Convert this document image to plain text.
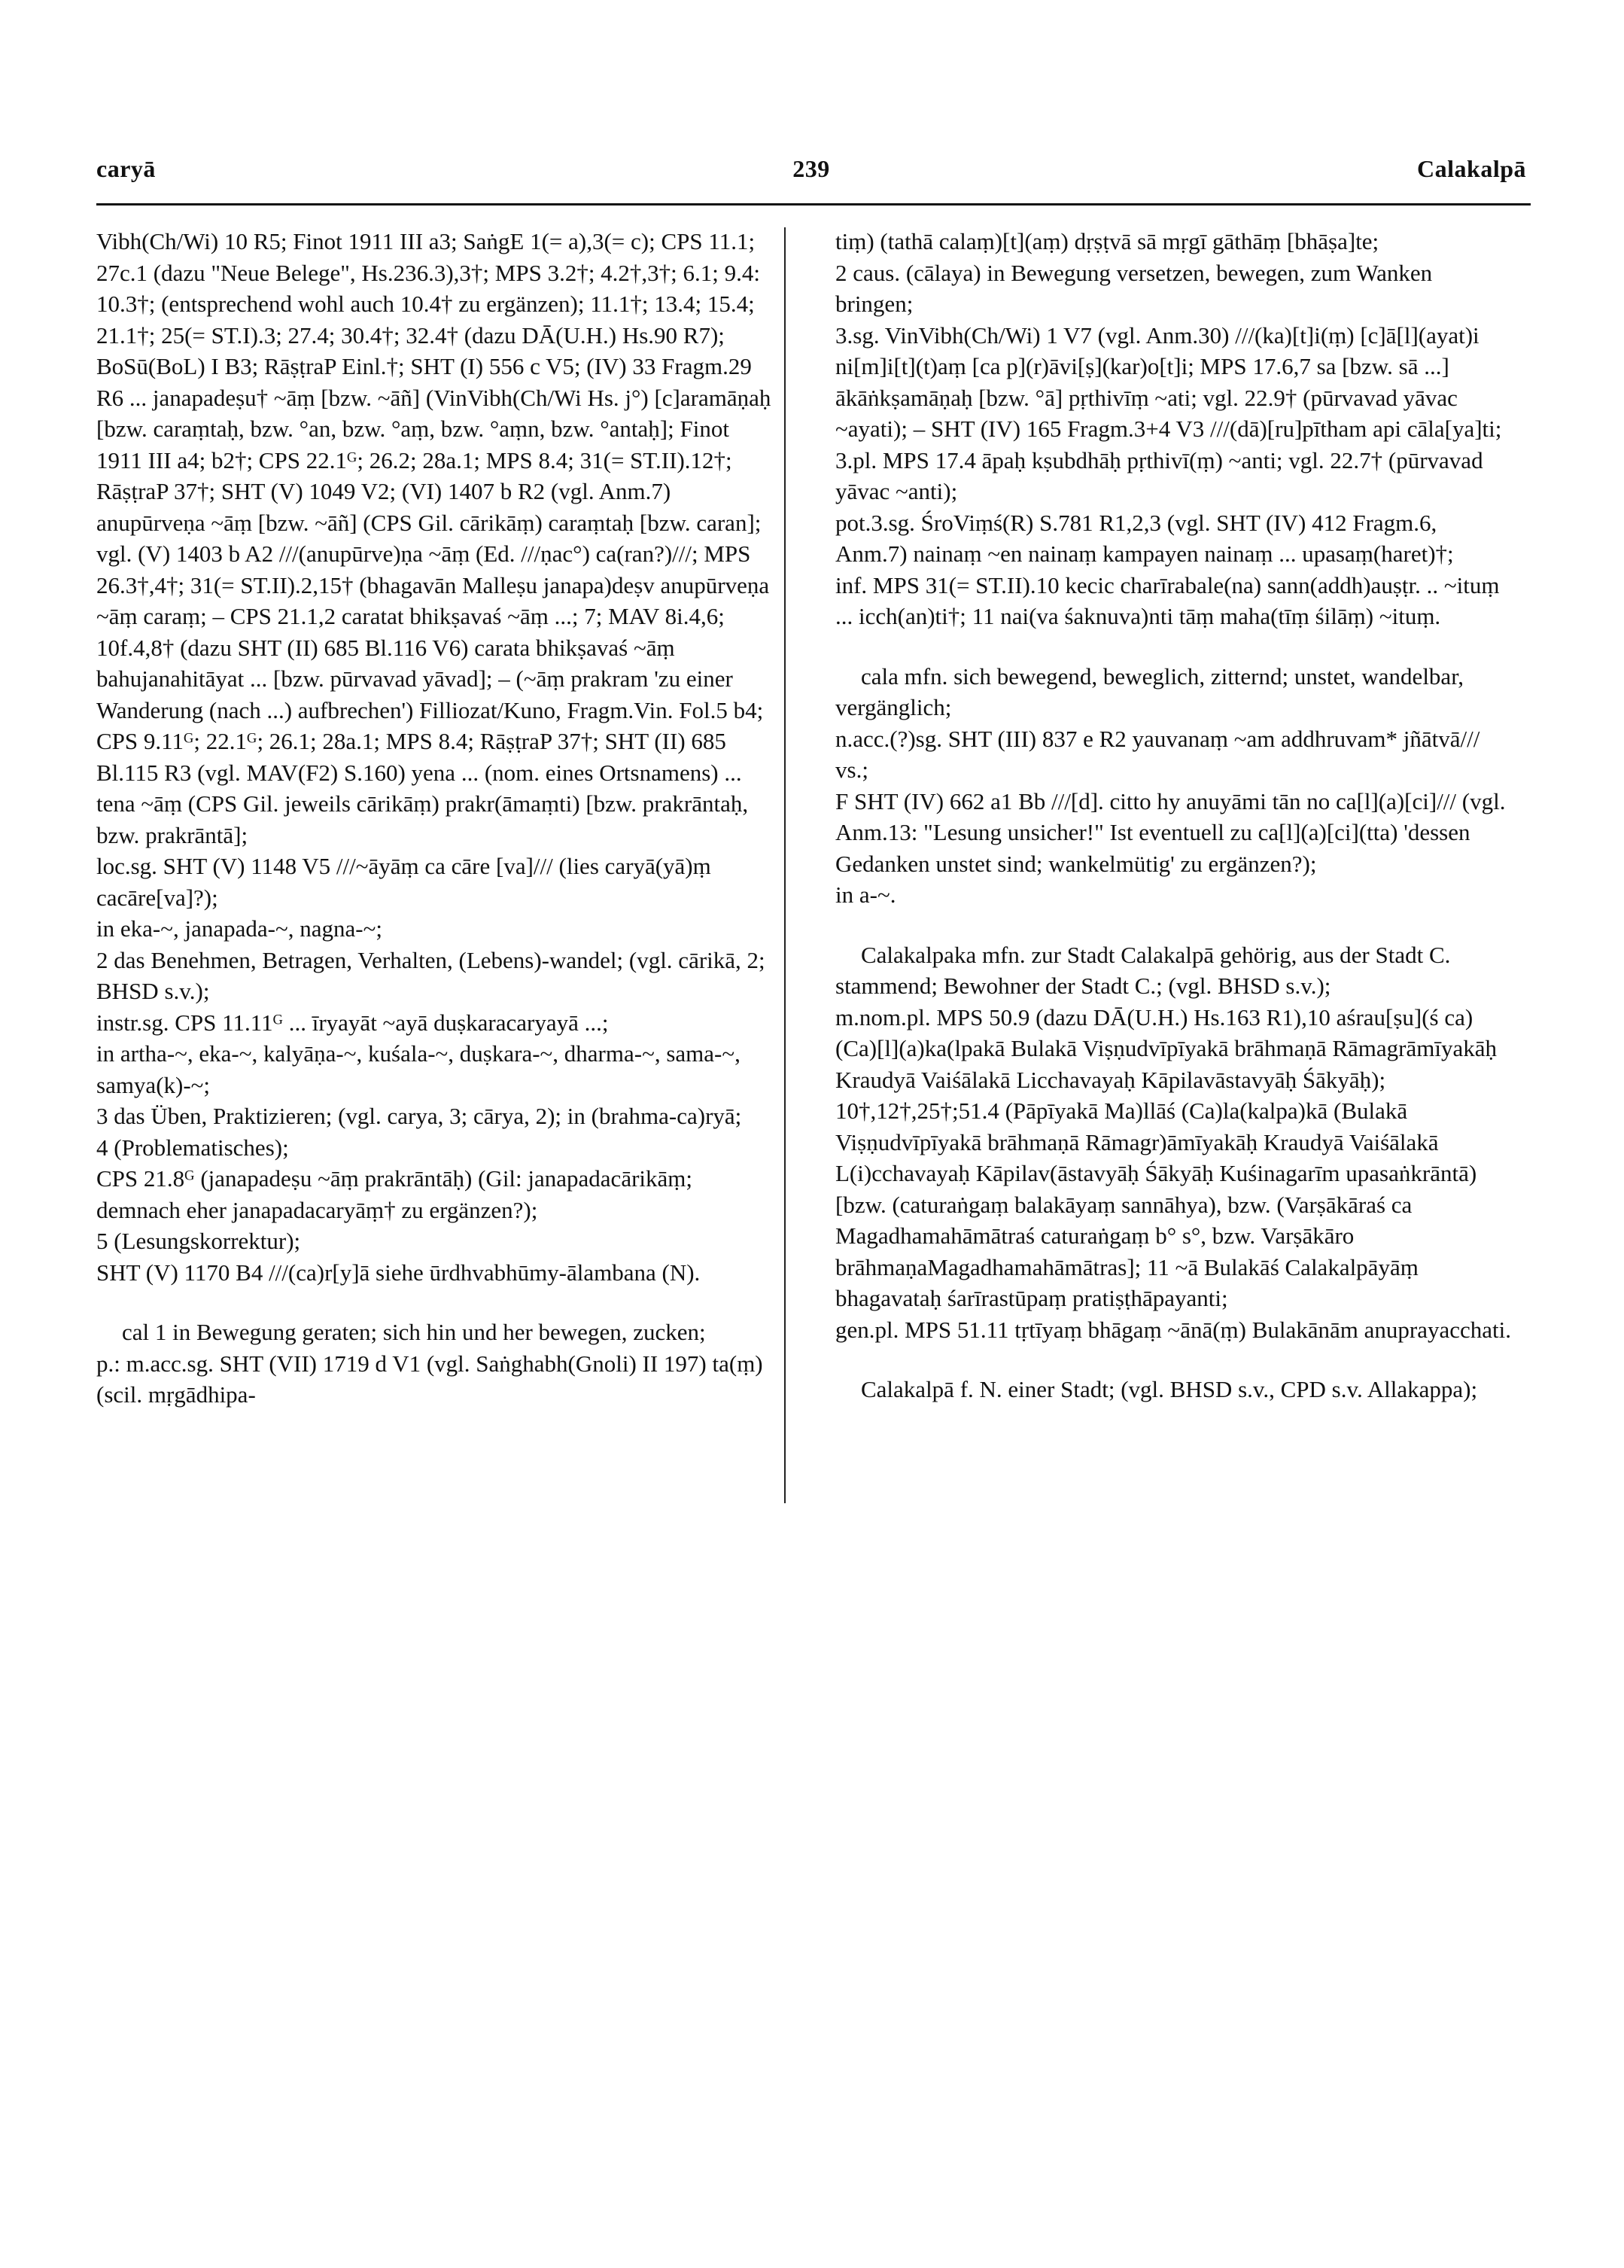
caryā	239	Calakalpā

Vibh(Ch/Wi) 10 R5; Finot 1911 III a3; SaṅgE 1(= a),3(= c); CPS 11.1; 27c.1 (dazu "Neue Belege", Hs.236.3),3†; MPS 3.2†; 4.2†,3†; 6.1; 9.4: 10.3†; (entsprechend wohl auch 10.4† zu ergänzen); 11.1†; 13.4; 15.4; 21.1†; 25(= ST.I).3; 27.4; 30.4†; 32.4† (dazu DĀ(U.H.) Hs.90 R7); BoSū(BoL) I B3; RāṣṭraP Einl.†; SHT (I) 556 c V5; (IV) 33 Fragm.29 R6 ... janapadeṣu† ~āṃ [bzw. ~āñ] (VinVibh(Ch/Wi Hs. j°) [c]aramāṇaḥ [bzw. caraṃtaḥ, bzw. °an, bzw. °aṃ, bzw. °aṃn, bzw. °antaḥ]; Finot 1911 III a4; b2†; CPS 22.1ᴳ; 26.2; 28a.1; MPS 8.4; 31(= ST.II).12†; RāṣṭraP 37†; SHT (V) 1049 V2; (VI) 1407 b R2 (vgl. Anm.7) anupūrveṇa ~āṃ [bzw. ~āñ] (CPS Gil. cārikāṃ) caraṃtaḥ [bzw. caran]; vgl. (V) 1403 b A2 ///(anupūrve)ṇa ~āṃ (Ed. ///ṇac°) ca(ran?)///; MPS 26.3†,4†; 31(= ST.II).2,15† (bhagavān Malleṣu janapa)deṣv anupūrveṇa ~āṃ caraṃ; – CPS 21.1,2 caratat bhikṣavaś ~āṃ ...; 7; MAV 8i.4,6; 10f.4,8† (dazu SHT (II) 685 Bl.116 V6) carata bhikṣavaś ~āṃ bahujanahitāyat ... [bzw. pūrvavad yāvad]; – (~āṃ prakram 'zu einer Wanderung (nach ...) aufbrechen') Filliozat/Kuno, Fragm.Vin. Fol.5 b4; CPS 9.11ᴳ; 22.1ᴳ; 26.1; 28a.1; MPS 8.4; RāṣṭraP 37†; SHT (II) 685 Bl.115 R3 (vgl. MAV(F2) S.160) yena ... (nom. eines Ortsnamens) ... tena ~āṃ (CPS Gil. jeweils cārikāṃ) prakr(āmaṃti) [bzw. prakrāntaḥ, bzw. prakrāntā];

loc.sg. SHT (V) 1148 V5 ///~āyāṃ ca cāre [va]/// (lies caryā(yā)ṃ cacāre[va]?);

in eka-~, janapada-~, nagna-~;

2 das Benehmen, Betragen, Verhalten, (Lebens)-wandel; (vgl. cārikā, 2; BHSD s.v.);

instr.sg. CPS 11.11ᴳ ... īryayāt ~ayā duṣkaracaryayā ...;

in artha-~, eka-~, kalyāṇa-~, kuśala-~, duṣkara-~, dharma-~, sama-~, samya(k)-~;

3 das Üben, Praktizieren; (vgl. carya, 3; cārya, 2); in (brahma-ca)ryā;

4 (Problematisches);

CPS 21.8ᴳ (janapadeṣu ~āṃ prakrāntāḥ) (Gil: janapadacārikāṃ; demnach eher janapadacaryāṃ† zu ergänzen?);

5 (Lesungskorrektur);

SHT (V) 1170 B4 ///(ca)r[y]ā siehe ūrdhvabhūmy-ālambana (N).

cal 1 in Bewegung geraten; sich hin und her bewegen, zucken;

p.: m.acc.sg. SHT (VII) 1719 d V1 (vgl. Saṅghabh(Gnoli) II 197) ta(ṃ) (scil. mṛgādhipa-

tiṃ) (tathā calaṃ)[t](aṃ) dṛṣṭvā sā mṛgī gāthāṃ [bhāṣa]te;

2 caus. (cālaya) in Bewegung versetzen, bewegen, zum Wanken bringen;

3.sg. VinVibh(Ch/Wi) 1 V7 (vgl. Anm.30) ///(ka)[t]i(ṃ) [c]ā[l](ayat)i ni[m]i[t](t)aṃ [ca p](r)āvi[ṣ](kar)o[t]i; MPS 17.6,7 sa [bzw. sā ...] ākāṅkṣamāṇaḥ [bzw. °ā] pṛthivīṃ ~ati; vgl. 22.9† (pūrvavad yāvac ~ayati); – SHT (IV) 165 Fragm.3+4 V3 ///(dā)[ru]pītham api cāla[ya]ti;

3.pl. MPS 17.4 āpaḥ kṣubdhāḥ pṛthivī(ṃ) ~anti; vgl. 22.7† (pūrvavad yāvac ~anti);

pot.3.sg. ŚroViṃś(R) S.781 R1,2,3 (vgl. SHT (IV) 412 Fragm.6, Anm.7) nainaṃ ~en nainaṃ kampayen nainaṃ ... upasaṃ(haret)†;

inf. MPS 31(= ST.II).10 kecic charīrabale(na) sann(addh)auṣṭr. .. ~ituṃ ... icch(an)ti†; 11 nai(va śaknuva)nti tāṃ maha(tīṃ śilāṃ) ~ituṃ.

cala mfn. sich bewegend, beweglich, zitternd; unstet, wandelbar, vergänglich;

n.acc.(?)sg. SHT (III) 837 e R2 yauvanaṃ ~am addhruvam* jñātvā/// vs.;

F SHT (IV) 662 a1 Bb ///[d]. citto hy anuyāmi tān no ca[l](a)[ci]/// (vgl. Anm.13: "Lesung unsicher!" Ist eventuell zu ca[l](a)[ci](tta) 'dessen Gedanken unstet sind; wankelmütig' zu ergänzen?);

in a-~.

Calakalpaka mfn. zur Stadt Calakalpā gehörig, aus der Stadt C. stammend; Bewohner der Stadt C.; (vgl. BHSD s.v.);

m.nom.pl. MPS 50.9 (dazu DĀ(U.H.) Hs.163 R1),10 aśrau[ṣu](ś ca) (Ca)[l](a)ka(lpakā Bulakā Viṣṇudvīpīyakā brāhmaṇā Rāmagrāmīyakāḥ Kraudyā Vaiśālakā Licchavayaḥ Kāpilavāstavyāḥ Śākyāḥ); 10†,12†,25†;51.4 (Pāpīyakā Ma)llāś (Ca)la(kalpa)kā (Bulakā Viṣṇudvīpīyakā brāhmaṇā Rāmagr)āmīyakāḥ Kraudyā Vaiśālakā L(i)cchavayaḥ Kāpilav(āstavyāḥ Śākyāḥ Kuśinagarīm upasaṅkrāntā) [bzw. (caturaṅgaṃ balakāyaṃ sannāhya), bzw. (Varṣākāraś ca Magadhamahāmātraś caturaṅgaṃ b° s°, bzw. Varṣākāro brāhmaṇaMagadhamahāmātras]; 11 ~ā Bulakāś Calakalpāyāṃ bhagavataḥ śarīrastūpaṃ pratiṣṭhāpayanti;

gen.pl. MPS 51.11 tṛtīyaṃ bhāgaṃ ~ānā(ṃ) Bulakānām anuprayacchati.

Calakalpā f. N. einer Stadt; (vgl. BHSD s.v., CPD s.v. Allakappa);
